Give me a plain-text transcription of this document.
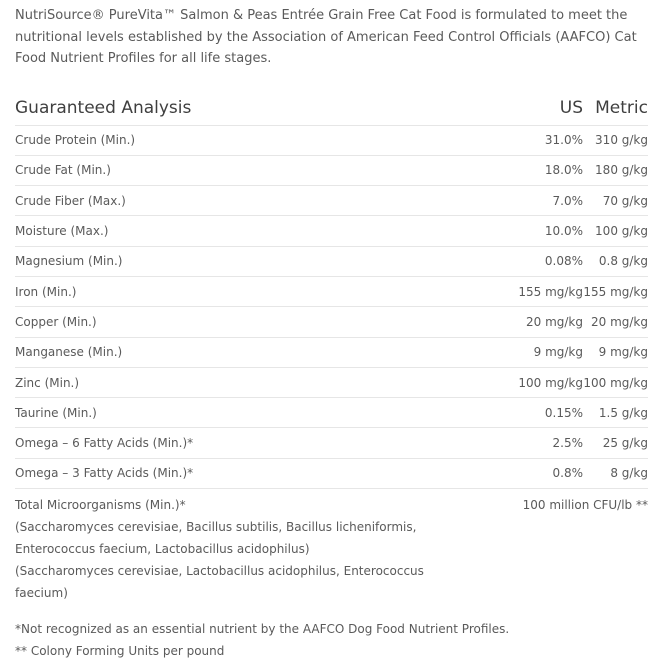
NutriSource® PureVita™ Salmon & Peas Entrée Grain Free Cat Food is formulated to meet the nutritional levels established by the Association of American Feed Control Officials (AAFCO) Cat Food Nutrient Profiles for all life stages.

Guaranteed Analysis	US	Metric
Crude Protein (Min.)	31.0%	310 g/kg
Crude Fat (Min.)	18.0%	180 g/kg
Crude Fiber (Max.)	7.0%	70 g/kg
Moisture (Max.)	10.0%	100 g/kg
Magnesium (Min.)	0.08%	0.8 g/kg
Iron (Min.)	155 mg/kg	155 mg/kg
Copper (Min.)	20 mg/kg	20 mg/kg
Manganese (Min.)	9 mg/kg	9 mg/kg
Zinc (Min.)	100 mg/kg	100 mg/kg
Taurine (Min.)	0.15%	1.5 g/kg
Omega – 6 Fatty Acids (Min.)*	2.5%	25 g/kg
Omega – 3 Fatty Acids (Min.)*	0.8%	8 g/kg

Total Microorganisms (Min.)*
(Saccharomyces cerevisiae, Bacillus subtilis, Bacillus licheniformis, Enterococcus faecium, Lactobacillus acidophilus)
(Saccharomyces cerevisiae, Lactobacillus acidophilus, Enterococcus faecium)	100 million CFU/lb **	
*Not recognized as an essential nutrient by the AAFCO Dog Food Nutrient Profiles.
** Colony Forming Units per pound
